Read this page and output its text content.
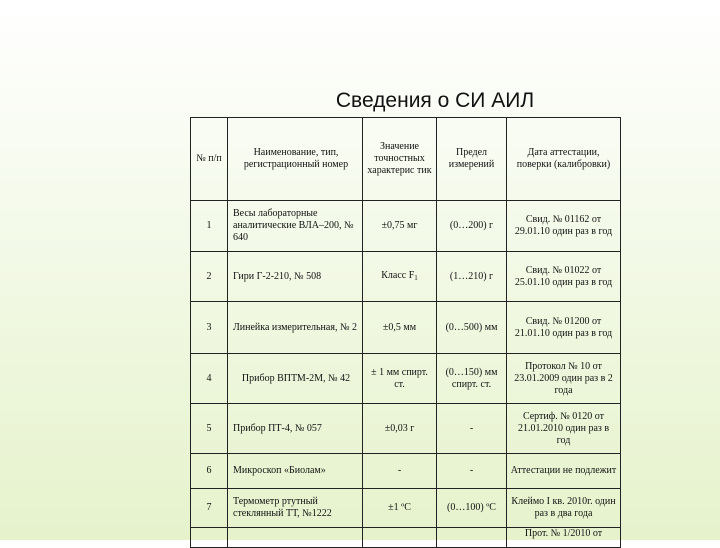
Сведения о СИ АИЛ
№ п/п	Наименование, тип, регистрационный номер	Значение точностных характерис тик	Предел измерений	Дата аттестации, поверки (калибровки)
1	Весы лабораторные аналитические ВЛА–200, № 640	±0,75 мг	(0…200) г	Свид. № 01162 от 29.01.10 один раз в год
2	Гири Г-2-210, № 508	Класс $F_1$	(1…210) г	Свид. № 01022 от 25.01.10 один раз в год
3	Линейка измерительная, № 2	±0,5 мм	(0…500) мм	Свид. № 01200 от 21.01.10 один раз в год
4	Прибор ВПТМ-2М, № 42	± 1 мм спирт. ст.	(0…150) мм спирт. ст.	Протокол № 10 от 23.01.2009 один раз в 2 года
5	Прибор ПТ-4, № 057	±0,03 г	-	Сертиф. № 0120 от 21.01.2010 один раз в год
6	Микроскоп «Биолам»	-	-	Аттестации не подлежит
7	Термометр ртутный стеклянный ТТ, №1222	±1 ºС	(0…100) ºС	Клеймо I кв. 2010г. один раз в два года
				Прот. № 1/2010 от
